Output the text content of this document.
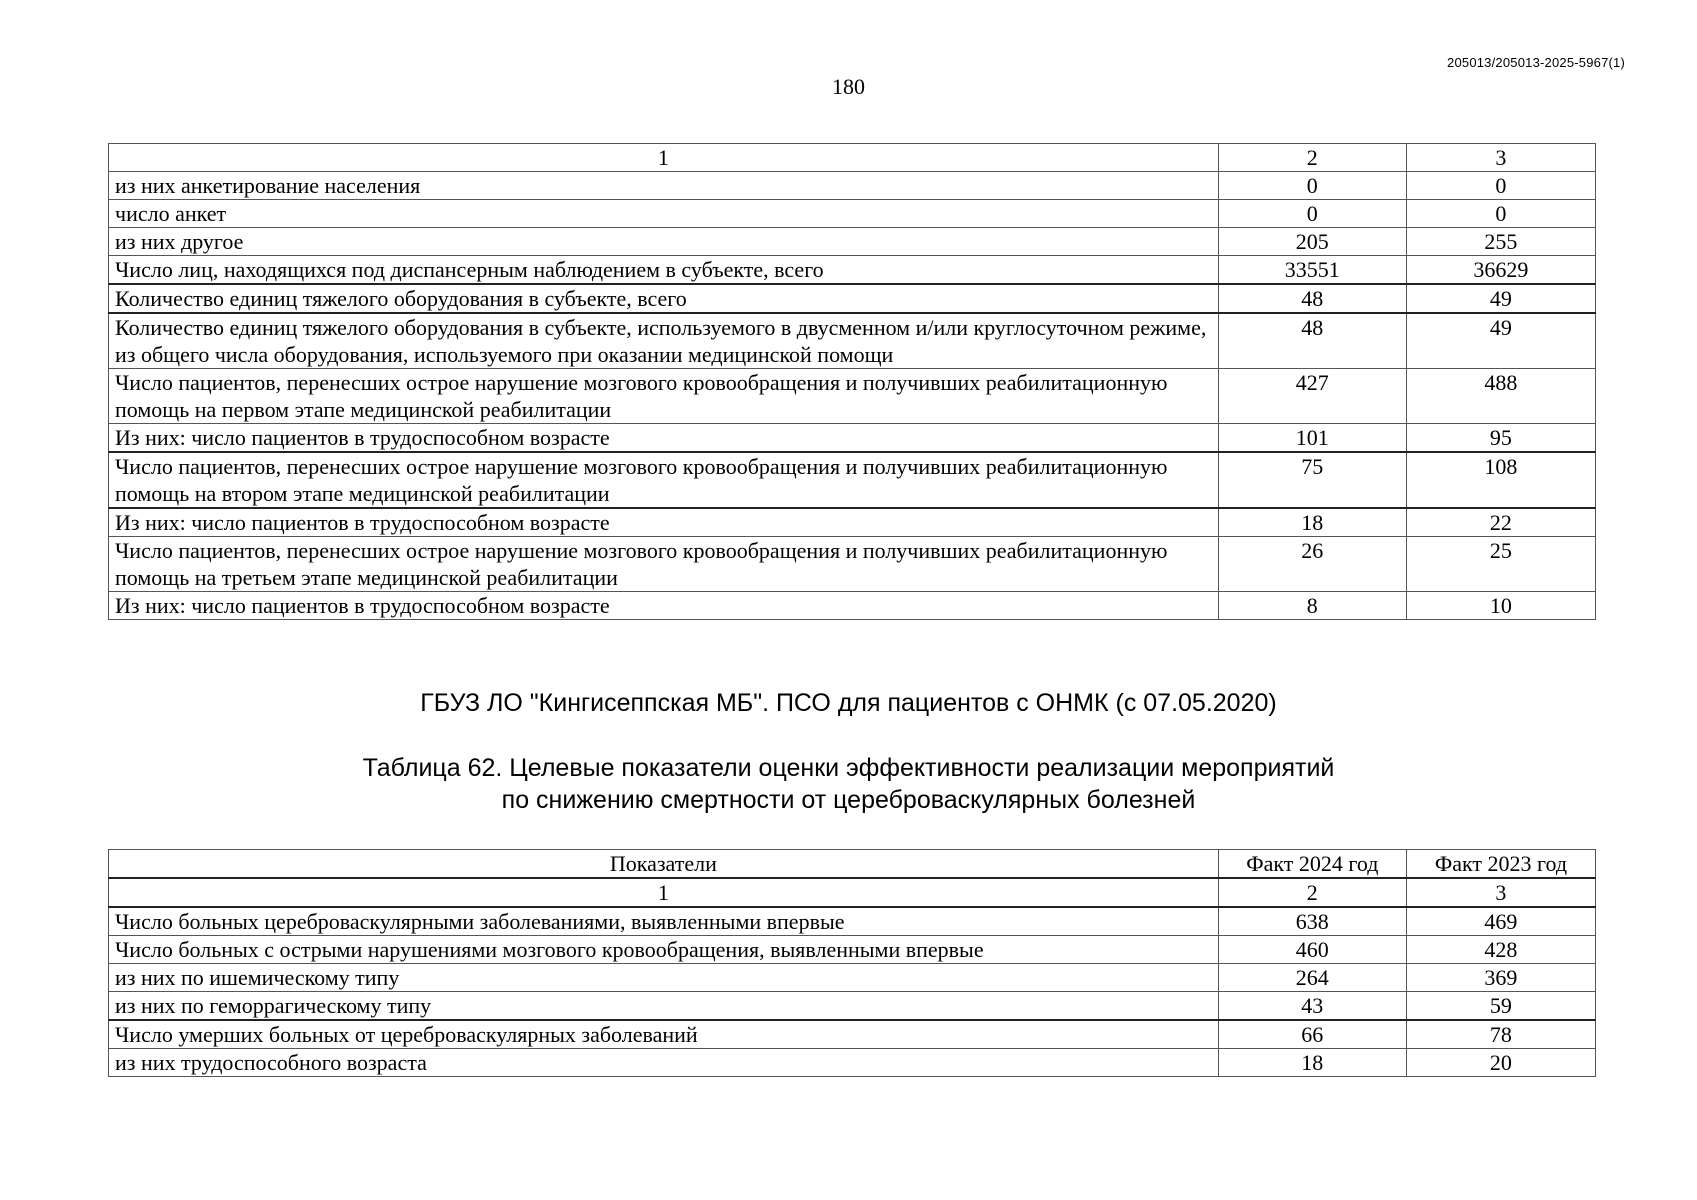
205013/205013-2025-5967(1)
180
1	2	3
из них анкетирование населения	0	0
число анкет	0	0
из них другое	205	255
Число лиц, находящихся под диспансерным наблюдением в субъекте, всего	33551	36629
Количество единиц тяжелого оборудования в субъекте, всего	48	49
Количество единиц тяжелого оборудования в субъекте, используемого в двусменном и/или круглосуточном режиме, из общего числа оборудования, используемого при оказании медицинской помощи	48	49
Число пациентов, перенесших острое нарушение мозгового кровообращения и получивших реабилитационную помощь на первом этапе медицинской реабилитации	427	488
Из них: число пациентов в трудоспособном возрасте	101	95
Число пациентов, перенесших острое нарушение мозгового кровообращения и получивших реабилитационную помощь на втором этапе медицинской реабилитации	75	108
Из них: число пациентов в трудоспособном возрасте	18	22
Число пациентов, перенесших острое нарушение мозгового кровообращения и получивших реабилитационную помощь на третьем этапе медицинской реабилитации	26	25
Из них: число пациентов в трудоспособном возрасте	8	10
ГБУЗ ЛО "Кингисеппская МБ". ПСО для пациентов с ОНМК (с 07.05.2020)
Таблица 62. Целевые показатели оценки эффективности реализации мероприятий
по снижению смертности от цереброваскулярных болезней
Показатели	Факт 2024 год	Факт 2023 год
1	2	3
Число больных цереброваскулярными заболеваниями, выявленными впервые	638	469
Число больных с острыми нарушениями мозгового кровообращения, выявленными впервые	460	428
из них по ишемическому типу	264	369
из них по геморрагическому типу	43	59
Число умерших больных от цереброваскулярных заболеваний	66	78
из них трудоспособного возраста	18	20
